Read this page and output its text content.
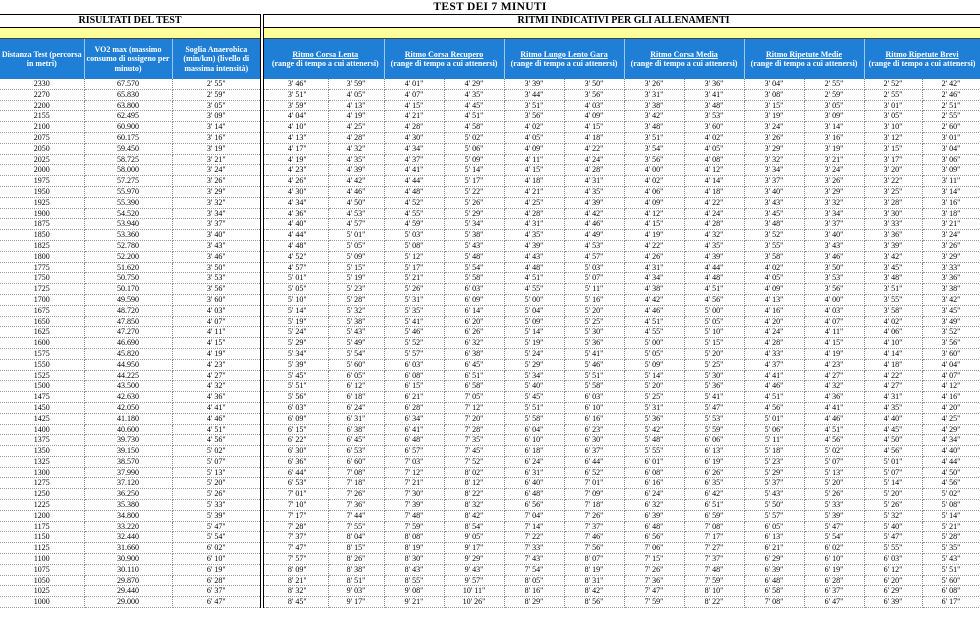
TEST DEI 7 MINUTI
RISULTATI DEL TEST				RITMI INDICATIVI PER GLI ALLENAMENTI											

Distanza Test (percorsa in metri)	VO2 max (massimo consumo di ossigeno per minuto)	Soglia Anaerobica (min/km) (livello di massima intensità)		Ritmo Corsa Lenta
(range di tempo a cui attenersi)		Ritmo Corsa Recupero
(range di tempo a cui attenersi)		Ritmo Lungo Lento Gara
(range di tempo a cui attenersi)		Ritmo Corsa Media
(range di tempo a cui attenersi)		Ritmo Ripetute Medie
(range di tempo a cui attenersi)		Ritmo Ripetute Brevi
(range di tempo a cui attenersi)	
2330	67.570	2' 55"		3' 46"	3' 59"	4' 01"	4' 29"	3' 39"	3' 50"	3' 26"	3' 36"	3' 04"	2' 55"	2' 52"	2' 42"
2270	65.830	2' 59"		3' 51"	4' 05"	4' 07"	4' 35"	3' 44"	3' 56"	3' 31"	3' 41"	3' 08"	2' 59"	2' 55"	2' 46"
2200	63.800	3' 05"		3' 59"	4' 13"	4' 15"	4' 45"	3' 51"	4' 03"	3' 38"	3' 48"	3' 15"	3' 05"	3' 01"	2' 51"
2155	62.495	3' 09"		4' 04"	4' 19"	4' 21"	4' 51"	3' 56"	4' 09"	3' 42"	3' 53"	3' 19"	3' 09"	3' 05"	2' 55"
2100	60.900	3' 14"		4' 10"	4' 25"	4' 28"	4' 58"	4' 02"	4' 15"	3' 48"	3' 60"	3' 24"	3' 14"	3' 10"	2' 60"
2075	60.175	3' 16"		4' 13"	4' 28"	4' 30"	5' 02"	4' 05"	4' 18"	3' 51"	4' 02"	3' 26"	3' 16"	3' 12"	3' 01"
2050	59.450	3' 19"		4' 17"	4' 32"	4' 34"	5' 06"	4' 09"	4' 22"	3' 54"	4' 05"	3' 29"	3' 19"	3' 15"	3' 04"
2025	58.725	3' 21"		4' 19"	4' 35"	4' 37"	5' 09"	4' 11"	4' 24"	3' 56"	4' 08"	3' 32"	3' 21"	3' 17"	3' 06"
2000	58.000	3' 24"		4' 23"	4' 39"	4' 41"	5' 14"	4' 15"	4' 28"	4' 00"	4' 12"	3' 34"	3' 24"	3' 20"	3' 09"
1975	57.275	3' 26"		4' 26"	4' 42"	4' 44"	5' 17"	4' 18"	4' 31"	4' 02"	4' 14"	3' 37"	3' 26"	3' 22"	3' 11"
1950	55.970	3' 29"		4' 30"	4' 46"	4' 48"	5' 22"	4' 21"	4' 35"	4' 06"	4' 18"	3' 40"	3' 29"	3' 25"	3' 14"
1925	55.390	3' 32"		4' 34"	4' 50"	4' 52"	5' 26"	4' 25"	4' 39"	4' 09"	4' 22"	3' 43"	3' 32"	3' 28"	3' 16"
1900	54.520	3' 34"		4' 36"	4' 53"	4' 55"	5' 29"	4' 28"	4' 42"	4' 12"	4' 24"	3' 45"	3' 34"	3' 30"	3' 18"
1875	53.940	3' 37"		4' 40"	4' 57"	4' 59"	5' 34"	4' 31"	4' 46"	4' 15"	4' 28"	3' 48"	3' 37"	3' 33"	3' 21"
1850	53.360	3' 40"		4' 44"	5' 01"	5' 03"	5' 38"	4' 35"	4' 49"	4' 19"	4' 32"	3' 52"	3' 40"	3' 36"	3' 24"
1825	52.780	3' 43"		4' 48"	5' 05"	5' 08"	5' 43"	4' 39"	4' 53"	4' 22"	4' 35"	3' 55"	3' 43"	3' 39"	3' 26"
1800	52.200	3' 46"		4' 52"	5' 09"	5' 12"	5' 48"	4' 43"	4' 57"	4' 26"	4' 39"	3' 58"	3' 46"	3' 42"	3' 29"
1775	51.620	3' 50"		4' 57"	5' 15"	5' 17"	5' 54"	4' 48"	5' 03"	4' 31"	4' 44"	4' 02"	3' 50"	3' 45"	3' 33"
1750	50.750	3' 53"		5' 01"	5' 19"	5' 21"	5' 58"	4' 51"	5' 07"	4' 34"	4' 48"	4' 05"	3' 53"	3' 48"	3' 36"
1725	50.170	3' 56"		5' 05"	5' 23"	5' 26"	6' 03"	4' 55"	5' 11"	4' 38"	4' 51"	4' 09"	3' 56"	3' 51"	3' 38"
1700	49.590	3' 60"		5' 10"	5' 28"	5' 31"	6' 09"	5' 00"	5' 16"	4' 42"	4' 56"	4' 13"	4' 00"	3' 55"	3' 42"
1675	48.720	4' 03"		5' 14"	5' 32"	5' 35"	6' 14"	5' 04"	5' 20"	4' 46"	5' 00"	4' 16"	4' 03"	3' 58"	3' 45"
1650	47.850	4' 07"		5' 19"	5' 38"	5' 41"	6' 20"	5' 09"	5' 25"	4' 51"	5' 05"	4' 20"	4' 07"	4' 02"	3' 49"
1625	47.270	4' 11"		5' 24"	5' 43"	5' 46"	6' 26"	5' 14"	5' 30"	4' 55"	5' 10"	4' 24"	4' 11"	4' 06"	3' 52"
1600	46.690	4' 15"		5' 29"	5' 49"	5' 52"	6' 32"	5' 19"	5' 36"	5' 00"	5' 15"	4' 28"	4' 15"	4' 10"	3' 56"
1575	45.820	4' 19"		5' 34"	5' 54"	5' 57"	6' 38"	5' 24"	5' 41"	5' 05"	5' 20"	4' 33"	4' 19"	4' 14"	3' 60"
1550	44.950	4' 23"		5' 39"	5' 60"	6' 03"	6' 45"	5' 29"	5' 46"	5' 09"	5' 25"	4' 37"	4' 23"	4' 18"	4' 04"
1525	44.225	4' 27"		5' 45"	6' 05"	6' 08"	6' 51"	5' 34"	5' 51"	5' 14"	5' 30"	4' 41"	4' 27"	4' 22"	4' 07"
1500	43.500	4' 32"		5' 51"	6' 12"	6' 15"	6' 58"	5' 40"	5' 58"	5' 20"	5' 36"	4' 46"	4' 32"	4' 27"	4' 12"
1475	42.630	4' 36"		5' 56"	6' 18"	6' 21"	7' 05"	5' 45"	6' 03"	5' 25"	5' 41"	4' 51"	4' 36"	4' 31"	4' 16"
1450	42.050	4' 41"		6' 03"	6' 24"	6' 28"	7' 12"	5' 51"	6' 10"	5' 31"	5' 47"	4' 56"	4' 41"	4' 35"	4' 20"
1425	41.180	4' 46"		6' 09"	6' 31"	6' 34"	7' 20"	5' 58"	6' 16"	5' 36"	5' 53"	5' 01"	4' 46"	4' 40"	4' 25"
1400	40.600	4' 51"		6' 15"	6' 38"	6' 41"	7' 28"	6' 04"	6' 23"	5' 42"	5' 59"	5' 06"	4' 51"	4' 45"	4' 29"
1375	39.730	4' 56"		6' 22"	6' 45"	6' 48"	7' 35"	6' 10"	6' 30"	5' 48"	6' 06"	5' 11"	4' 56"	4' 50"	4' 34"
1350	39.150	5' 02"		6' 30"	6' 53"	6' 57"	7' 45"	6' 18"	6' 37"	5' 55"	6' 13"	5' 18"	5' 02"	4' 56"	4' 40"
1325	38.570	5' 07"		6' 36"	6' 60"	7' 03"	7' 52"	6' 24"	6' 44"	6' 01"	6' 19"	5' 23"	5' 07"	5' 01"	4' 44"
1300	37.990	5' 13"		6' 44"	7' 08"	7' 12"	8' 02"	6' 31"	6' 52"	6' 08"	6' 26"	5' 29"	5' 13"	5' 07"	4' 50"
1275	37.120	5' 20"		6' 53"	7' 18"	7' 21"	8' 12"	6' 40"	7' 01"	6' 16"	6' 35"	5' 37"	5' 20"	5' 14"	4' 56"
1250	36.250	5' 26"		7' 01"	7' 26"	7' 30"	8' 22"	6' 48"	7' 09"	6' 24"	6' 42"	5' 43"	5' 26"	5' 20"	5' 02"
1225	35.380	5' 33"		7' 10"	7' 36"	7' 39"	8' 32"	6' 56"	7' 18"	6' 32"	6' 51"	5' 50"	5' 33"	5' 26"	5' 08"
1200	34.800	5' 39"		7' 17"	7' 44"	7' 48"	8' 42"	7' 04"	7' 26"	6' 39"	6' 59"	5' 57"	5' 39"	5' 32"	5' 14"
1175	33.220	5' 47"		7' 28"	7' 55"	7' 59"	8' 54"	7' 14"	7' 37"	6' 48"	7' 08"	6' 05"	5' 47"	5' 40"	5' 21"
1150	32.440	5' 54"		7' 37"	8' 04"	8' 08"	9' 05"	7' 22"	7' 46"	6' 56"	7' 17"	6' 13"	5' 54"	5' 47"	5' 28"
1125	31.660	6' 02"		7' 47"	8' 15"	8' 19"	9' 17"	7' 33"	7' 56"	7' 06"	7' 27"	6' 21"	6' 02"	5' 55"	5' 35"
1100	30.900	6' 10"		7' 57"	8' 26"	8' 30"	9' 29"	7' 43"	8' 07"	7' 15"	7' 37"	6' 29"	6' 10"	6' 03"	5' 43"
1075	30.110	6' 19"		8' 09"	8' 38"	8' 43"	9' 43"	7' 54"	8' 19"	7' 26"	7' 48"	6' 39"	6' 19"	6' 12"	5' 51"
1050	29.870	6' 28"		8' 21"	8' 51"	8' 55"	9' 57"	8' 05"	8' 31"	7' 36"	7' 59"	6' 48"	6' 28"	6' 20"	5' 60"
1025	29.440	6' 37"		8' 32"	9' 03"	9' 08"	10' 11"	8' 16"	8' 42"	7' 47"	8' 10"	6' 58"	6' 37"	6' 29"	6' 08"
1000	29.000	6' 47"		8' 45"	9' 17"	9' 21"	10' 26"	8' 29"	8' 56"	7' 59"	8' 22"	7' 08"	6' 47"	6' 39"	6' 17"
